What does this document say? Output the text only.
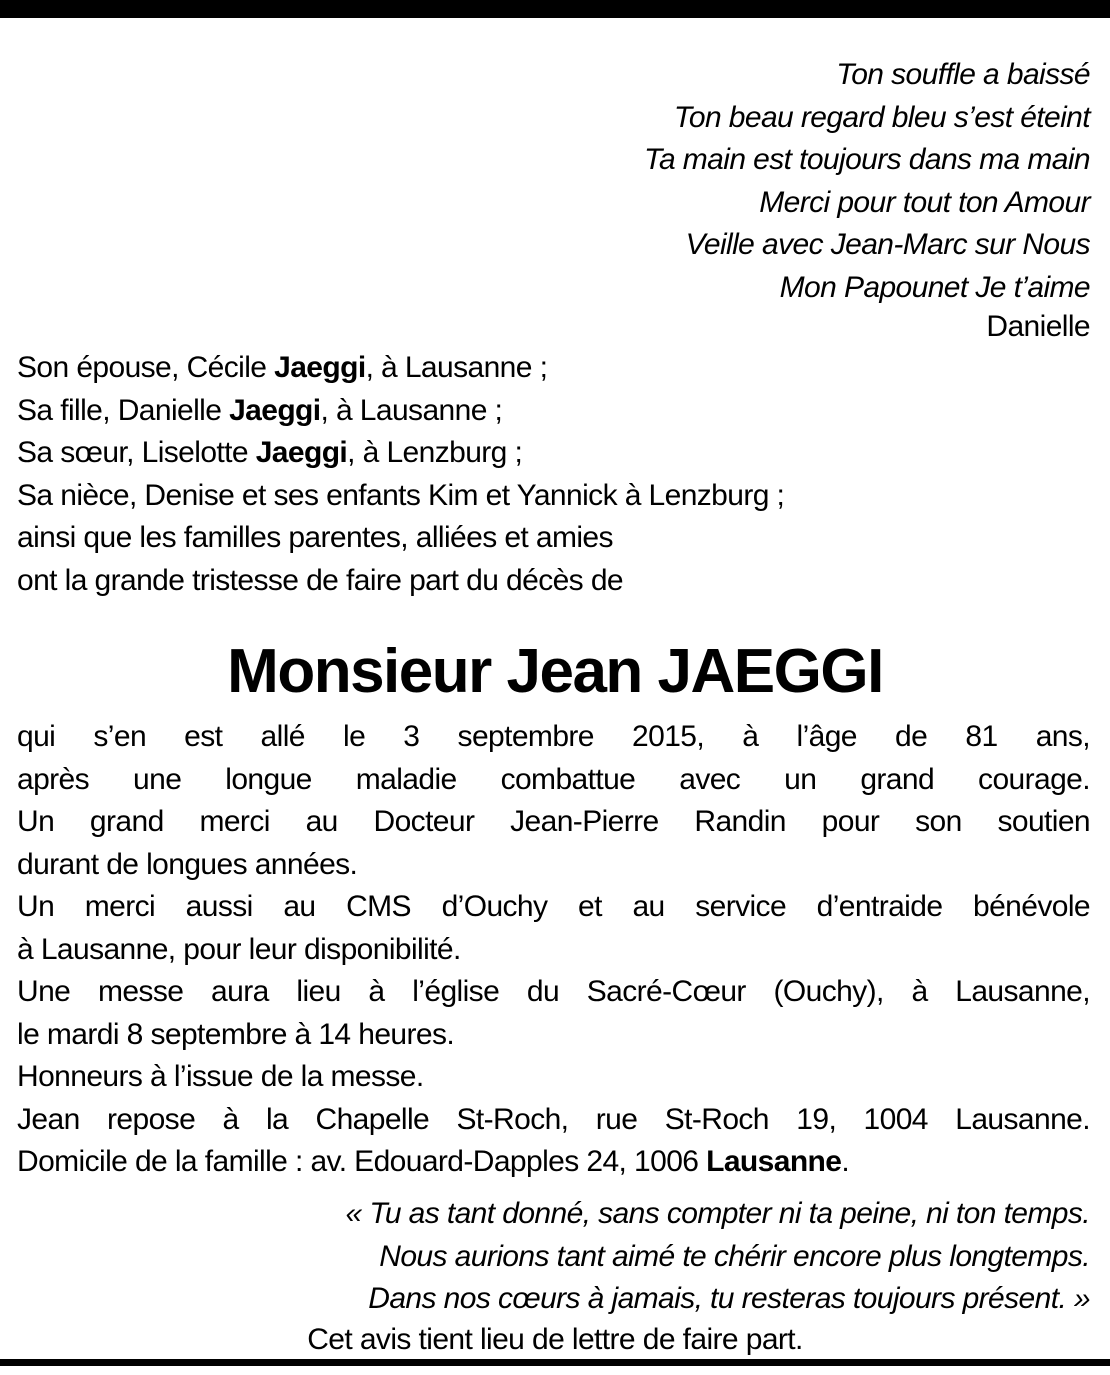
Ton souffle a baissé
Ton beau regard bleu s’est éteint
Ta main est toujours dans ma main
Merci pour tout ton Amour
Veille avec Jean-Marc sur Nous
Mon Papounet Je t’aime
Danielle
Son épouse, Cécile Jaeggi, à Lausanne ;
Sa fille, Danielle Jaeggi, à Lausanne ;
Sa sœur, Liselotte Jaeggi, à Lenzburg ;
Sa nièce, Denise et ses enfants Kim et Yannick à Lenzburg ;
ainsi que les familles parentes, alliées et amies
ont la grande tristesse de faire part du décès de
Monsieur Jean JAEGGI
qui s’en est allé le 3 septembre 2015, à l’âge de 81 ans,
après une longue maladie combattue avec un grand courage.
Un grand merci au Docteur Jean-Pierre Randin pour son soutien
durant de longues années.
Un merci aussi au CMS d’Ouchy et au service d’entraide bénévole
à Lausanne, pour leur disponibilité.
Une messe aura lieu à l’église du Sacré-Cœur (Ouchy), à Lausanne,
le mardi 8 septembre à 14 heures.
Honneurs à l’issue de la messe.
Jean repose à la Chapelle St-Roch, rue St-Roch 19, 1004 Lausanne.
Domicile de la famille : av. Edouard-Dapples 24, 1006 Lausanne.
« Tu as tant donné, sans compter ni ta peine, ni ton temps.
Nous aurions tant aimé te chérir encore plus longtemps.
Dans nos cœurs à jamais, tu resteras toujours présent. »
Cet avis tient lieu de lettre de faire part.
